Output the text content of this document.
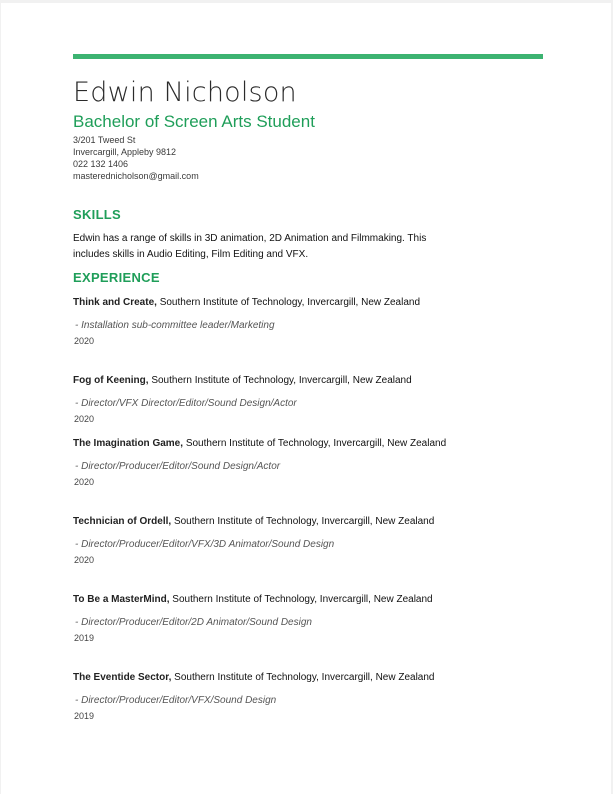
Edwin Nicholson
Bachelor of Screen Arts Student
3/201 Tweed St
Invercargill, Appleby 9812
022 132 1406
masterednicholson@gmail.com
SKILLS
Edwin has a range of skills in 3D animation, 2D Animation and Filmmaking. This includes skills in Audio Editing, Film Editing and VFX.
EXPERIENCE
Think and Create, Southern Institute of Technology, Invercargill, New Zealand
- Installation sub-committee leader/Marketing
2020
Fog of Keening, Southern Institute of Technology, Invercargill, New Zealand
- Director/VFX Director/Editor/Sound Design/Actor
2020
The Imagination Game, Southern Institute of Technology, Invercargill, New Zealand
- Director/Producer/Editor/Sound Design/Actor
2020
Technician of Ordell, Southern Institute of Technology, Invercargill, New Zealand
- Director/Producer/Editor/VFX/3D Animator/Sound Design
2020
To Be a MasterMind, Southern Institute of Technology, Invercargill, New Zealand
- Director/Producer/Editor/2D Animator/Sound Design
2019
The Eventide Sector, Southern Institute of Technology, Invercargill, New Zealand
- Director/Producer/Editor/VFX/Sound Design
2019
